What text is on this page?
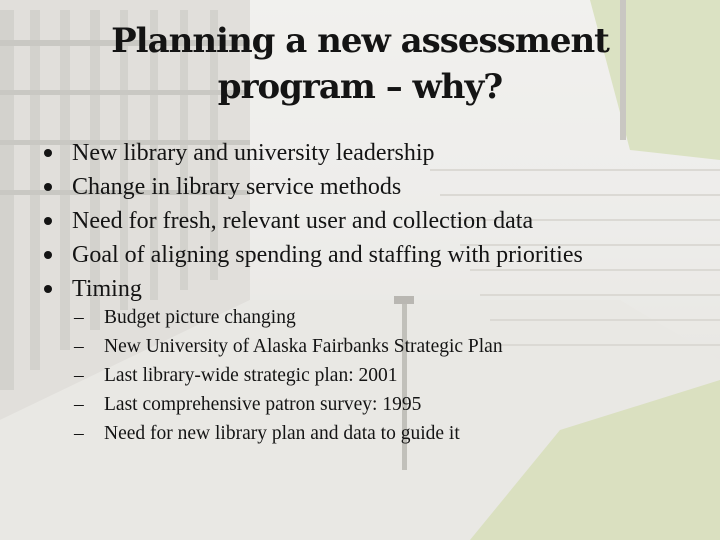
Planning a new assessment
program – why?
New library and university leadership
Change in library service methods
Need for fresh, relevant user and collection data
Goal of aligning spending and staffing with priorities
Timing
– Budget picture changing
– New University of Alaska Fairbanks Strategic Plan
– Last library-wide strategic plan: 2001
– Last comprehensive patron survey: 1995
– Need for new library plan and data to guide it
